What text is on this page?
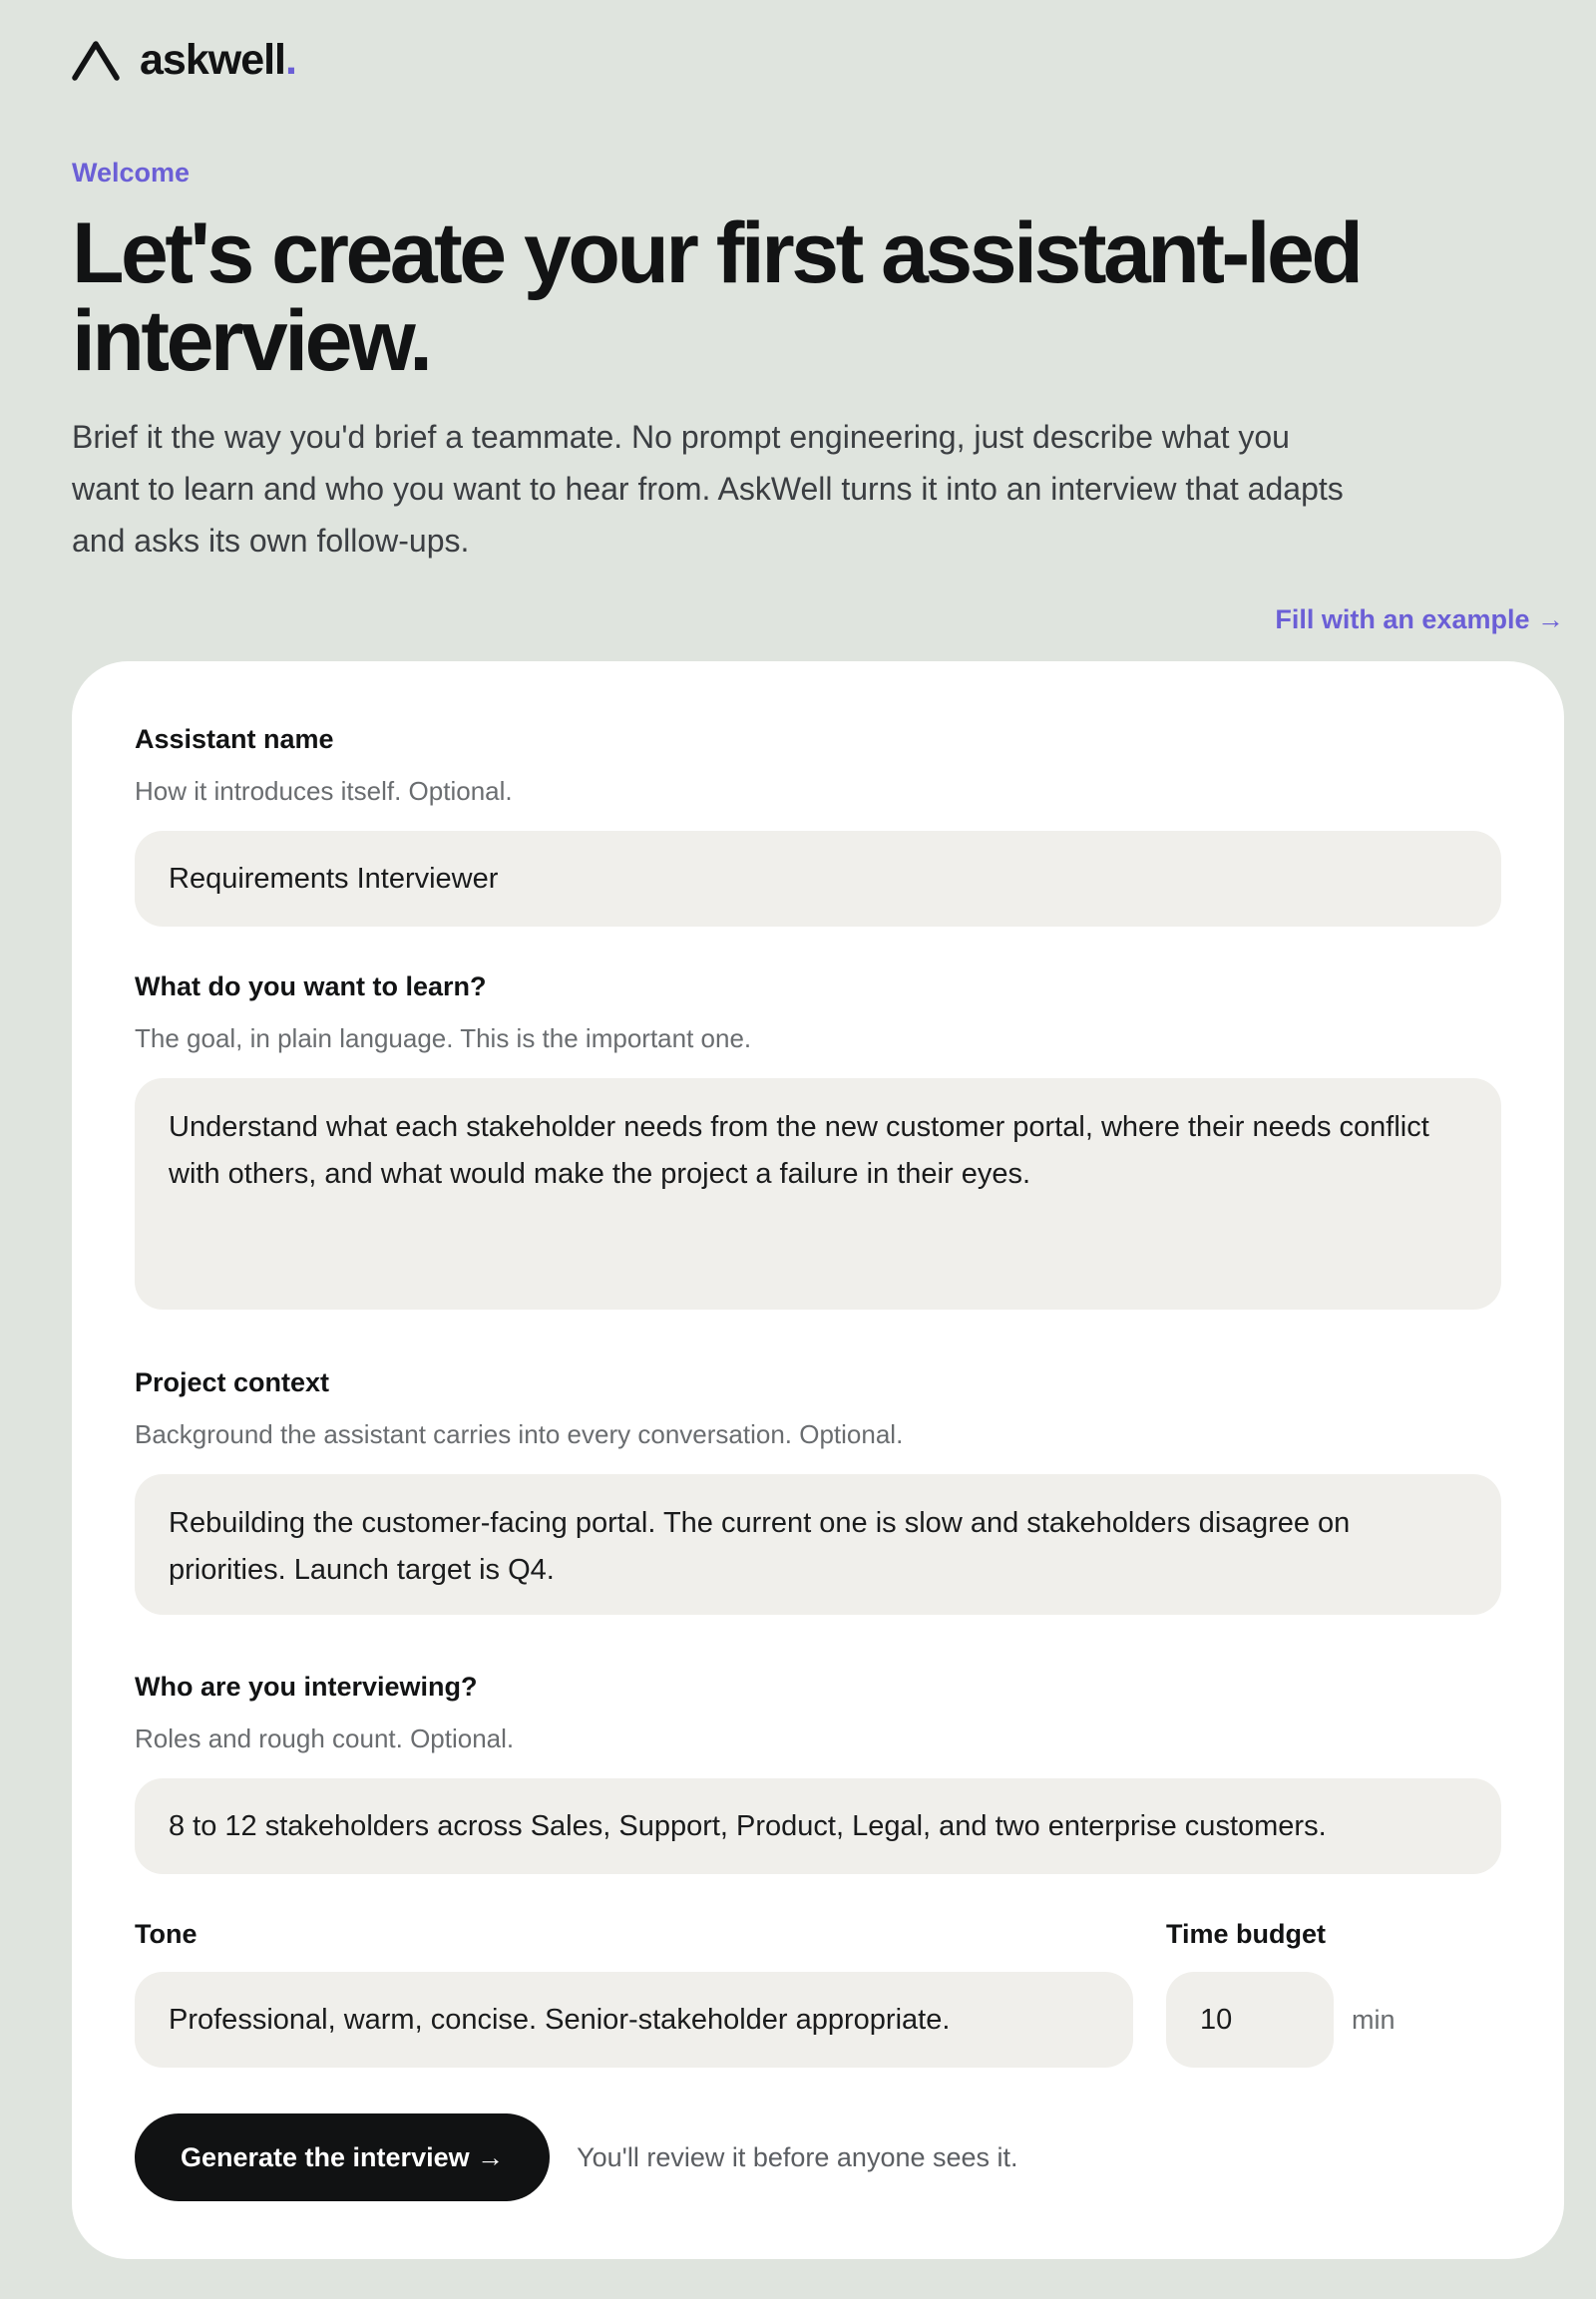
askwell.
Welcome
Let's create your first assistant-led interview.

Brief it the way you'd brief a teammate. No prompt engineering, just describe what you want to learn and who you want to hear from. AskWell turns it into an interview that adapts and asks its own follow-ups.

Fill with an example →
Assistant name
How it introduces itself. Optional.
Requirements Interviewer
What do you want to learn?
The goal, in plain language. This is the important one.
Understand what each stakeholder needs from the new customer portal, where their needs conflict with others, and what would make the project a failure in their eyes.
Project context
Background the assistant carries into every conversation. Optional.
Rebuilding the customer-facing portal. The current one is slow and stakeholders disagree on priorities. Launch target is Q4.
Who are you interviewing?
Roles and rough count. Optional.
8 to 12 stakeholders across Sales, Support, Product, Legal, and two enterprise customers.
Tone
Professional, warm, concise. Senior-stakeholder appropriate.	Time budget
10
min
Generate the interview →	You'll review it before anyone sees it.
